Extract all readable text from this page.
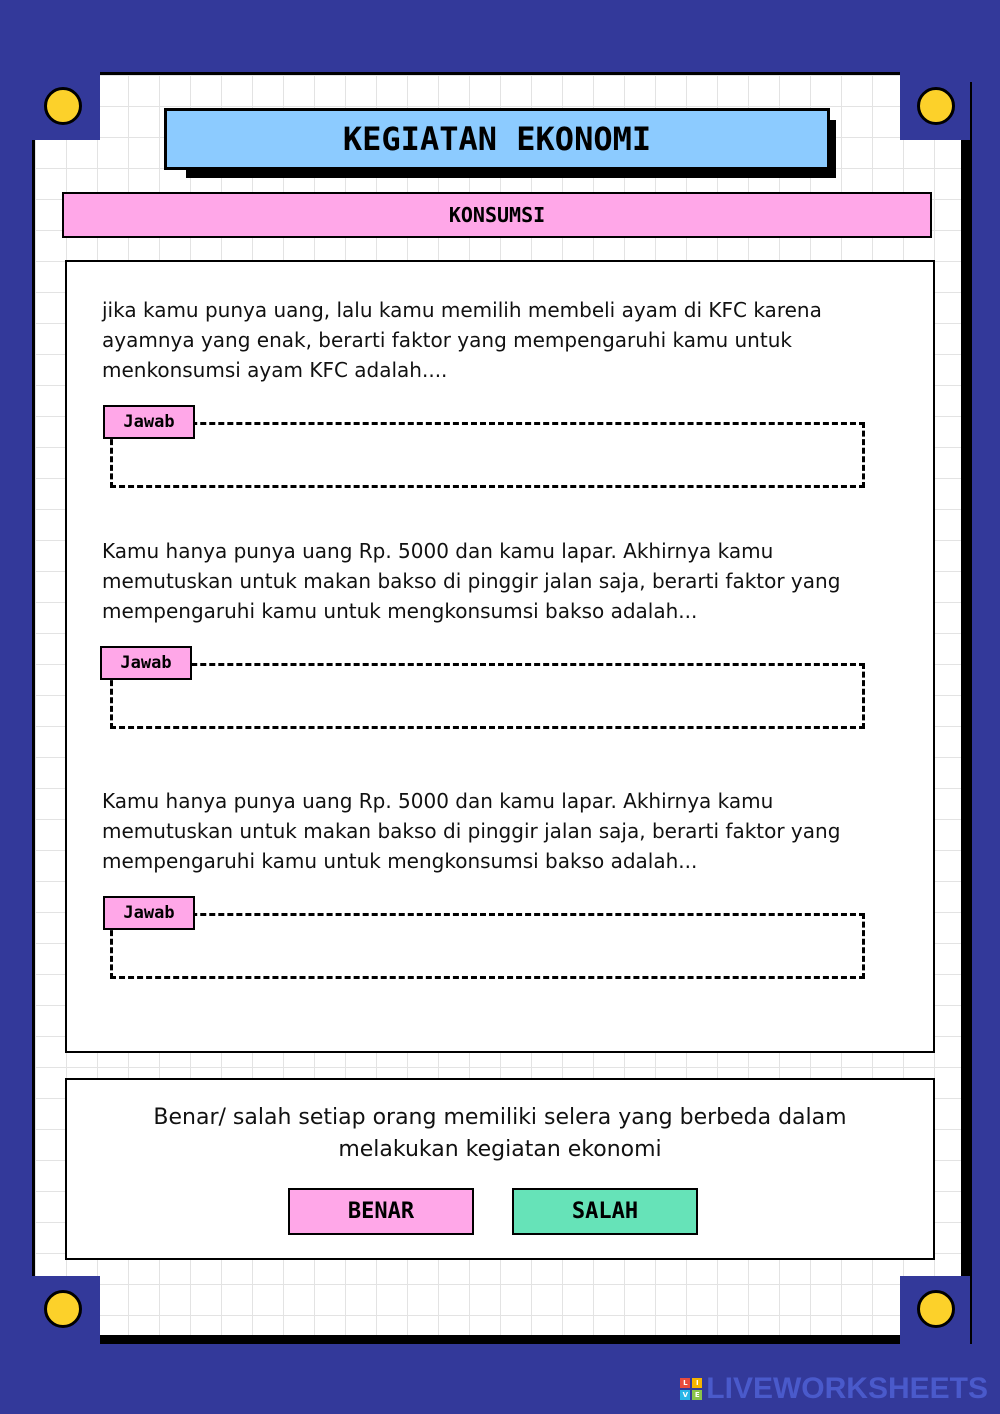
KEGIATAN EKONOMI
KONSUMSI

jika kamu punya uang, lalu kamu memilih membeli ayam di KFC karena ayamnya yang enak, berarti faktor yang mempengaruhi kamu untuk menkonsumsi ayam KFC adalah....

Jawab

Kamu hanya punya uang Rp. 5000 dan kamu lapar. Akhirnya kamu memutuskan untuk makan bakso di pinggir jalan saja, berarti faktor yang mempengaruhi kamu untuk mengkonsumsi bakso adalah...

Jawab

Kamu hanya punya uang Rp. 5000 dan kamu lapar. Akhirnya kamu memutuskan untuk makan bakso di pinggir jalan saja, berarti faktor yang mempengaruhi kamu untuk mengkonsumsi bakso adalah...

Jawab

Benar/ salah setiap orang memiliki selera yang berbeda dalam melakukan kegiatan ekonomi

BENAR	SALAH
L	I
V E LIVEWORKSHEETS
